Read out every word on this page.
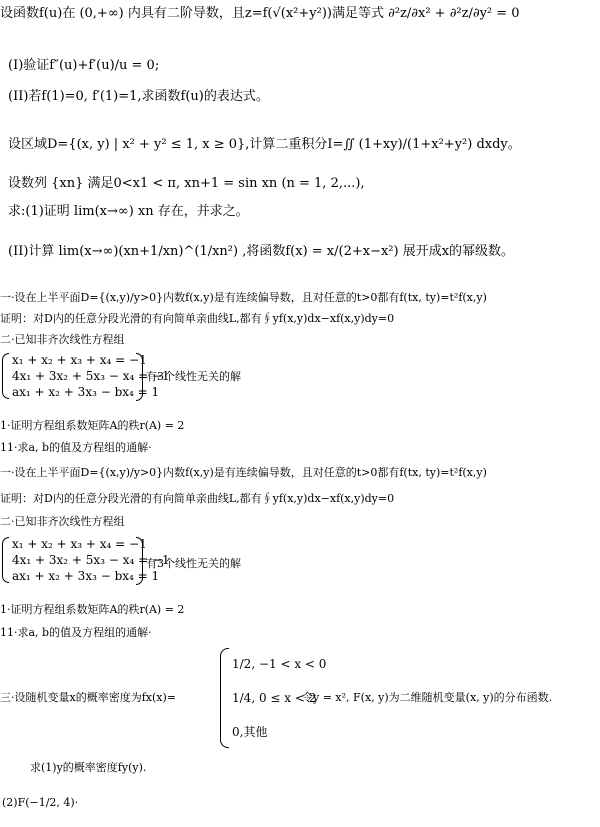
设函数f(u)在 (0,+∞) 内具有二阶导数，且z=f(√(x²+y²))满足等式 ∂²z/∂x² + ∂²z/∂y² = 0
(I)验证f″(u)+f′(u)/u = 0;
(II)若f(1)=0, f′(1)=1,求函数f(u)的表达式。
设区域D={(x, y) | x² + y² ≤ 1, x ≥ 0},计算二重积分I=∬ (1+xy)/(1+x²+y²) dxdy。
设数列 {xn} 满足0<x1 < π, xn+1 = sin xn (n = 1, 2,...),
求:(1)证明 lim(x→∞) xn 存在，并求之。
(II)计算 lim(x→∞)(xn+1/xn)^(1/xn²) ,将函数f(x) = x/(2+x−x²) 展开成x的幂级数。
一·设在上半平面D={(x,y)/y>0}内数f(x,y)是有连续偏导数，且对任意的t>0都有f(tx, ty)=t²f(x,y)
证明：对D内的任意分段光滑的有向简单亲曲线L,都有∮yf(x,y)dx−xf(x,y)dy=0
二·已知非齐次线性方程组
x₁ + x₂ + x₃ + x₄ = −1
4x₁ + 3x₂ + 5x₃ − x₄ = −1
ax₁ + x₂ + 3x₃ − bx₄ = 1
有3个线性无关的解
1·证明方程组系数矩阵A的秩r(A) = 2
11·求a, b的值及方程组的通解·
一·设在上半平面D={(x,y)/y>0}内数f(x,y)是有连续偏导数，且对任意的t>0都有f(tx, ty)=t²f(x,y)
证明：对D内的任意分段光滑的有向简单亲曲线L,都有∮yf(x,y)dx−xf(x,y)dy=0
二·已知非齐次线性方程组
x₁ + x₂ + x₃ + x₄ = −1
4x₁ + 3x₂ + 5x₃ − x₄ = −1
ax₁ + x₂ + 3x₃ − bx₄ = 1
有3个线性无关的解
1·证明方程组系数矩阵A的秩r(A) = 2
11·求a, b的值及方程组的通解·
三·设随机变量x的概率密度为fx(x)=
1/2, −1 < x < 0
1/4, 0 ≤ x < 2
0,其他
令y = x², F(x, y)为二维随机变量(x, y)的分布函数.
求(1)y的概率密度fy(y).
(2)F(−1/2, 4)·
